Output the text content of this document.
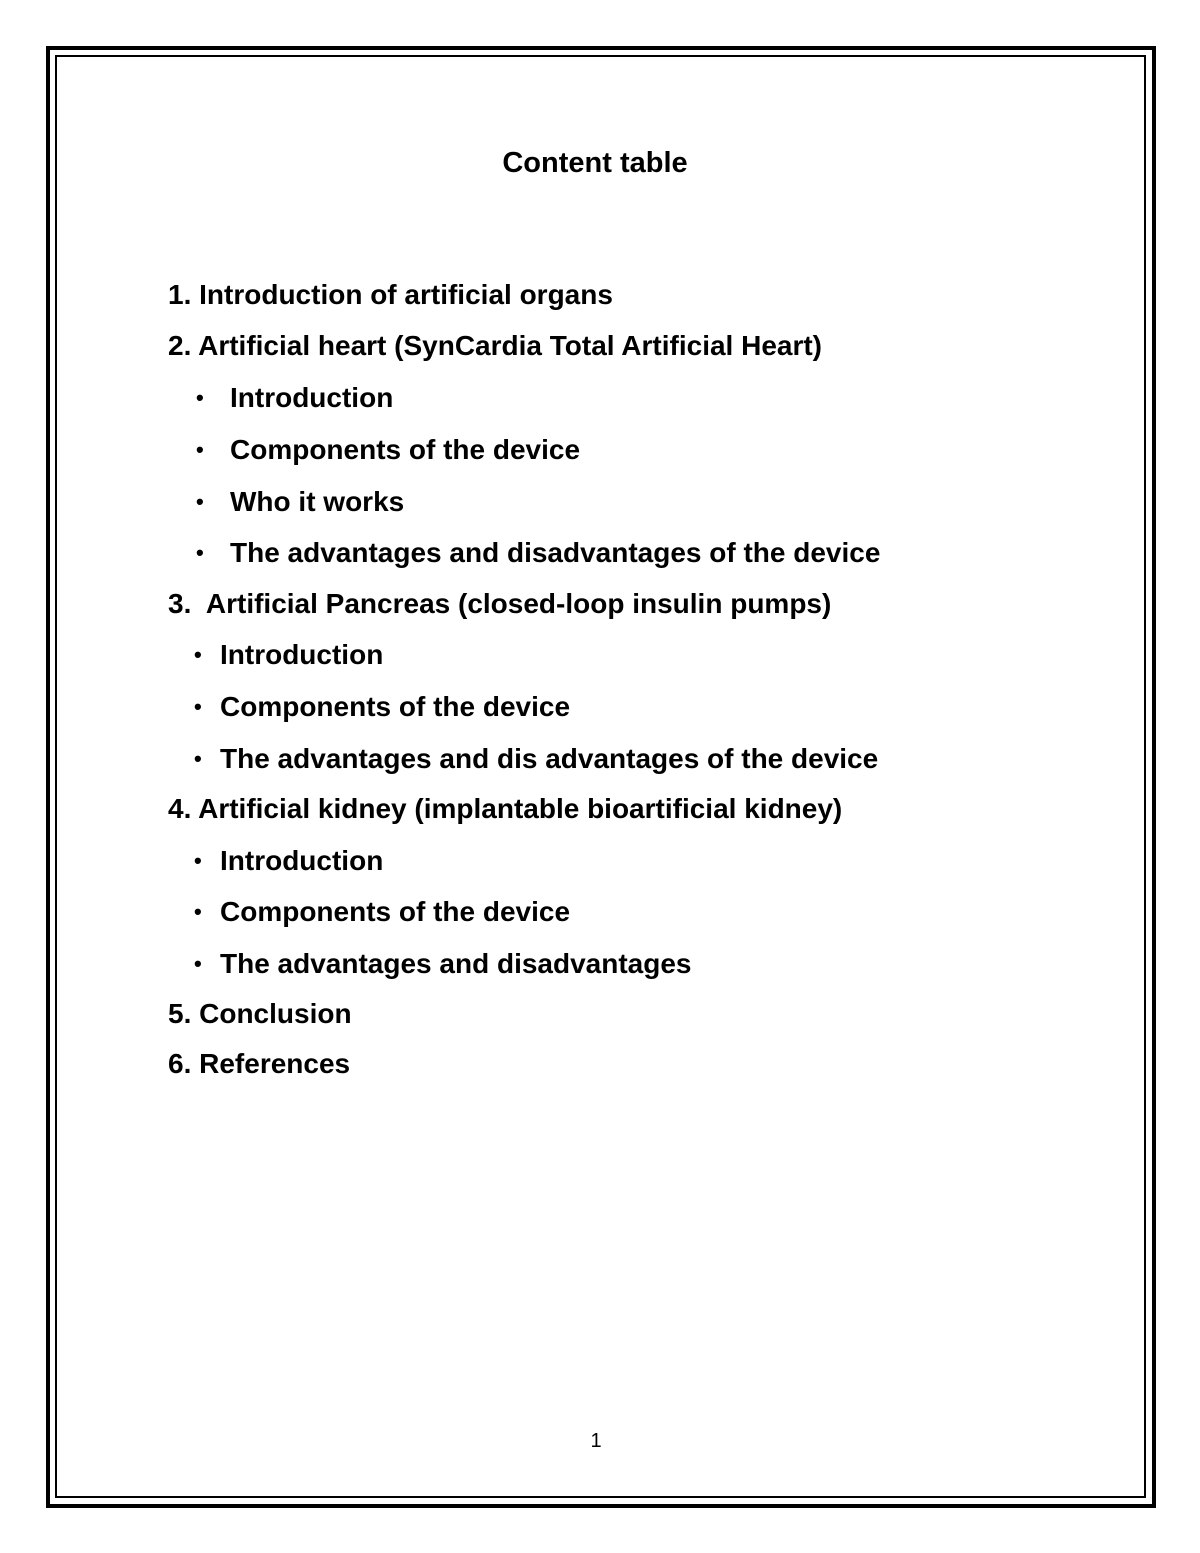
Content table
1. Introduction of artificial organs
2. Artificial heart (SynCardia Total Artificial Heart)
• Introduction
• Components of the device
• Who it works
• The advantages and disadvantages of the device
3.  Artificial Pancreas (closed-loop insulin pumps)
• Introduction
• Components of the device
• The advantages and dis advantages of the device
4. Artificial kidney (implantable bioartificial kidney)
• Introduction
• Components of the device
• The advantages and disadvantages
5. Conclusion
6. References
1
